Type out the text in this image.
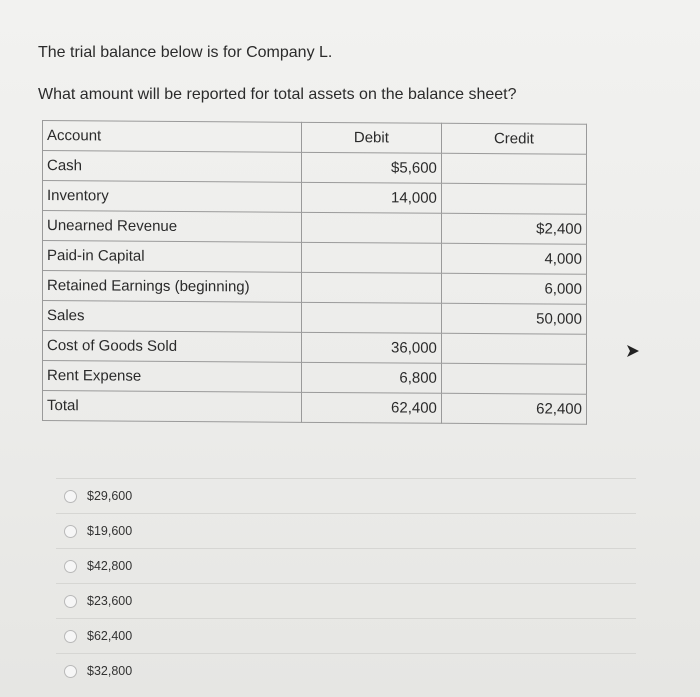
The trial balance below is for Company L.
What amount will be reported for total assets on the balance sheet?
Account	Debit	Credit
Cash	$5,600	
Inventory	14,000	
Unearned Revenue		$2,400
Paid-in Capital		4,000
Retained Earnings (beginning)		6,000
Sales		50,000
Cost of Goods Sold	36,000	
Rent Expense	6,800	
Total	62,400	62,400
$29,600
$19,600
$42,800
$23,600
$62,400
$32,800
